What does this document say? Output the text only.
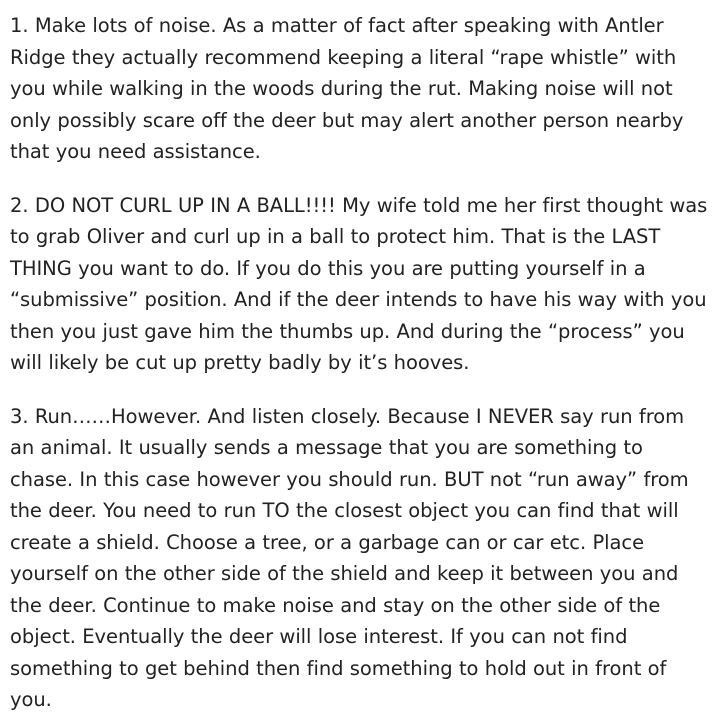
1. Make lots of noise. As a matter of fact after speaking with Antler Ridge they actually recommend keeping a literal “rape whistle” with you while walking in the woods during the rut. Making noise will not only possibly scare off the deer but may alert another person nearby that you need assistance.

2. DO NOT CURL UP IN A BALL!!!! My wife told me her first thought was to grab Oliver and curl up in a ball to protect him. That is the LAST THING you want to do. If you do this you are putting yourself in a “submissive” position. And if the deer intends to have his way with you then you just gave him the thumbs up. And during the “process” you will likely be cut up pretty badly by it’s hooves.

3. Run……However. And listen closely. Because I NEVER say run from an animal. It usually sends a message that you are something to chase. In this case however you should run. BUT not “run away” from the deer. You need to run TO the closest object you can find that will create a shield. Choose a tree, or a garbage can or car etc. Place yourself on the other side of the shield and keep it between you and the deer. Continue to make noise and stay on the other side of the object. Eventually the deer will lose interest. If you can not find something to get behind then find something to hold out in front of you.
